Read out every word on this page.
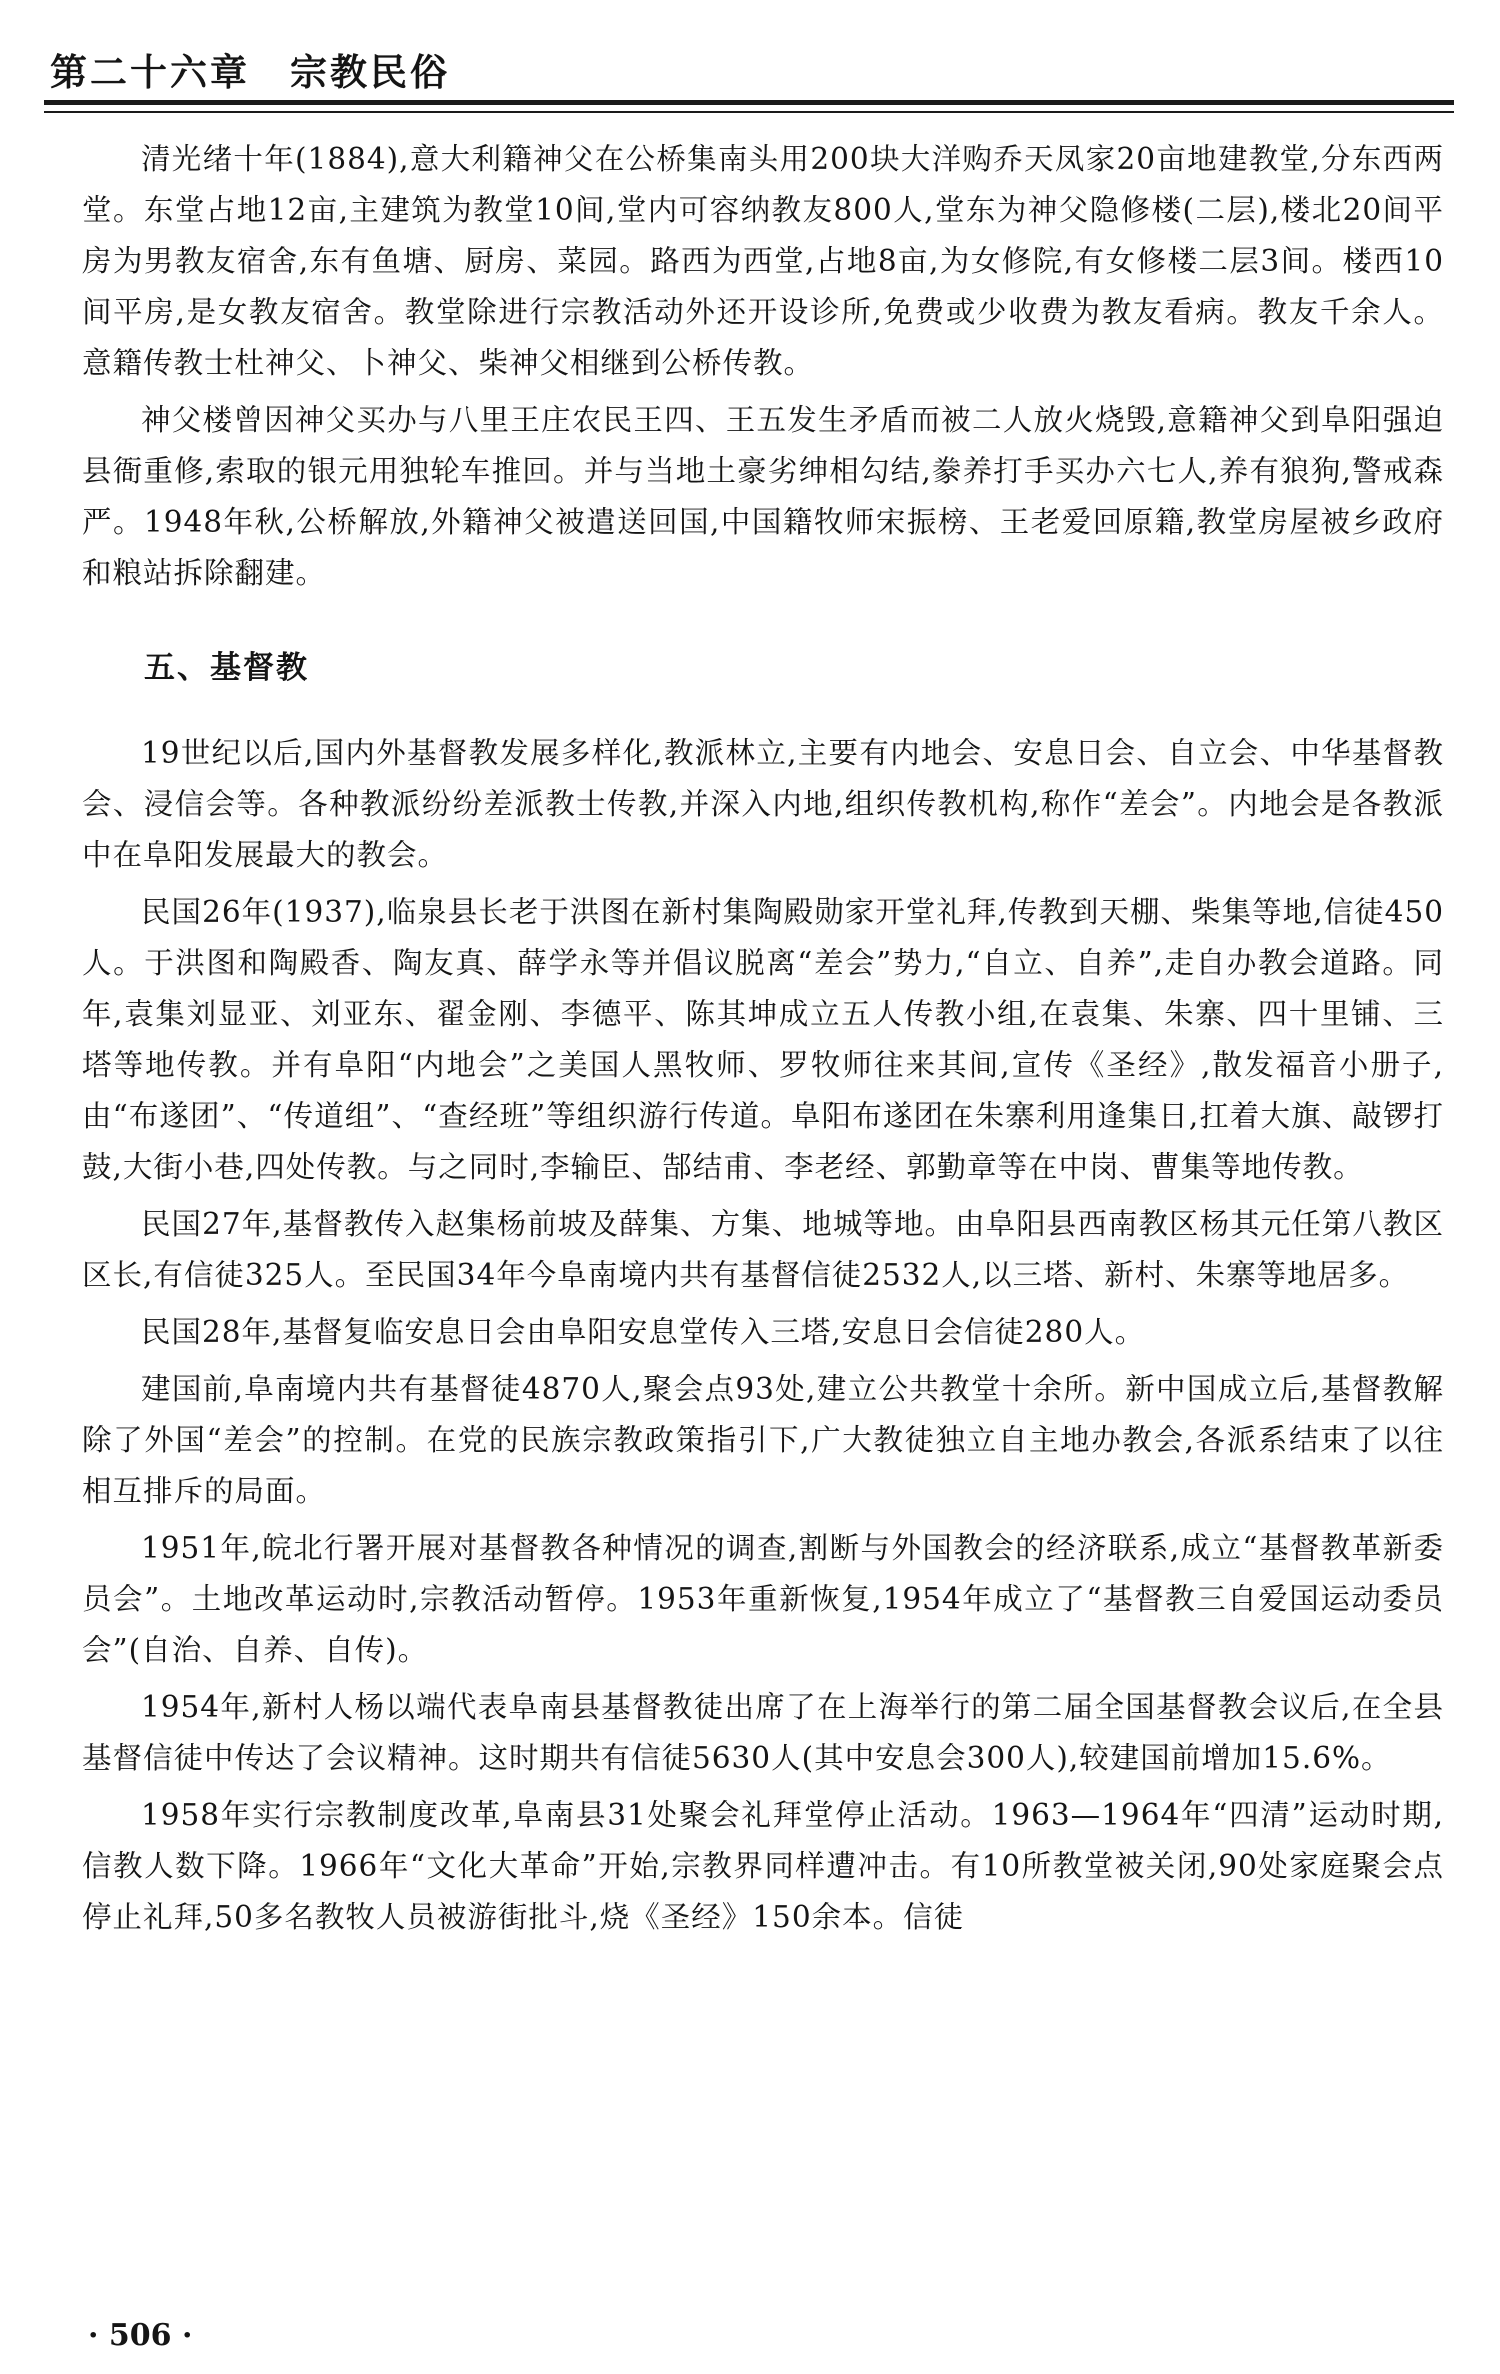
第二十六章　宗教民俗

清光绪十年(1884),意大利籍神父在公桥集南头用200块大洋购乔天凤家20亩地建教堂,分东西两堂。东堂占地12亩,主建筑为教堂10间,堂内可容纳教友800人,堂东为神父隐修楼(二层),楼北20间平房为男教友宿舍,东有鱼塘、厨房、菜园。路西为西堂,占地8亩,为女修院,有女修楼二层3间。楼西10间平房,是女教友宿舍。教堂除进行宗教活动外还开设诊所,免费或少收费为教友看病。教友千余人。意籍传教士杜神父、卜神父、柴神父相继到公桥传教。

神父楼曾因神父买办与八里王庄农民王四、王五发生矛盾而被二人放火烧毁,意籍神父到阜阳强迫县衙重修,索取的银元用独轮车推回。并与当地土豪劣绅相勾结,豢养打手买办六七人,养有狼狗,警戒森严。1948年秋,公桥解放,外籍神父被遣送回国,中国籍牧师宋振榜、王老爱回原籍,教堂房屋被乡政府和粮站拆除翻建。

五、基督教

19世纪以后,国内外基督教发展多样化,教派林立,主要有内地会、安息日会、自立会、中华基督教会、浸信会等。各种教派纷纷差派教士传教,并深入内地,组织传教机构,称作“差会”。内地会是各教派中在阜阳发展最大的教会。

民国26年(1937),临泉县长老于洪图在新村集陶殿勋家开堂礼拜,传教到天棚、柴集等地,信徒450人。于洪图和陶殿香、陶友真、薛学永等并倡议脱离“差会”势力,“自立、自养”,走自办教会道路。同年,袁集刘显亚、刘亚东、翟金刚、李德平、陈其坤成立五人传教小组,在袁集、朱寨、四十里铺、三塔等地传教。并有阜阳“内地会”之美国人黑牧师、罗牧师往来其间,宣传《圣经》,散发福音小册子,由“布遂团”、“传道组”、“查经班”等组织游行传道。阜阳布遂团在朱寨利用逢集日,扛着大旗、敲锣打鼓,大街小巷,四处传教。与之同时,李输臣、郜结甫、李老经、郭勤章等在中岗、曹集等地传教。

民国27年,基督教传入赵集杨前坡及薛集、方集、地城等地。由阜阳县西南教区杨其元任第八教区区长,有信徒325人。至民国34年今阜南境内共有基督信徒2532人,以三塔、新村、朱寨等地居多。

民国28年,基督复临安息日会由阜阳安息堂传入三塔,安息日会信徒280人。

建国前,阜南境内共有基督徒4870人,聚会点93处,建立公共教堂十余所。新中国成立后,基督教解除了外国“差会”的控制。在党的民族宗教政策指引下,广大教徒独立自主地办教会,各派系结束了以往相互排斥的局面。

1951年,皖北行署开展对基督教各种情况的调查,割断与外国教会的经济联系,成立“基督教革新委员会”。土地改革运动时,宗教活动暂停。1953年重新恢复,1954年成立了“基督教三自爱国运动委员会”(自治、自养、自传)。

1954年,新村人杨以端代表阜南县基督教徒出席了在上海举行的第二届全国基督教会议后,在全县基督信徒中传达了会议精神。这时期共有信徒5630人(其中安息会300人),较建国前增加15.6%。

1958年实行宗教制度改革,阜南县31处聚会礼拜堂停止活动。1963—1964年“四清”运动时期,信教人数下降。1966年“文化大革命”开始,宗教界同样遭冲击。有10所教堂被关闭,90处家庭聚会点停止礼拜,50多名教牧人员被游街批斗,烧《圣经》150余本。信徒

· 506 ·
